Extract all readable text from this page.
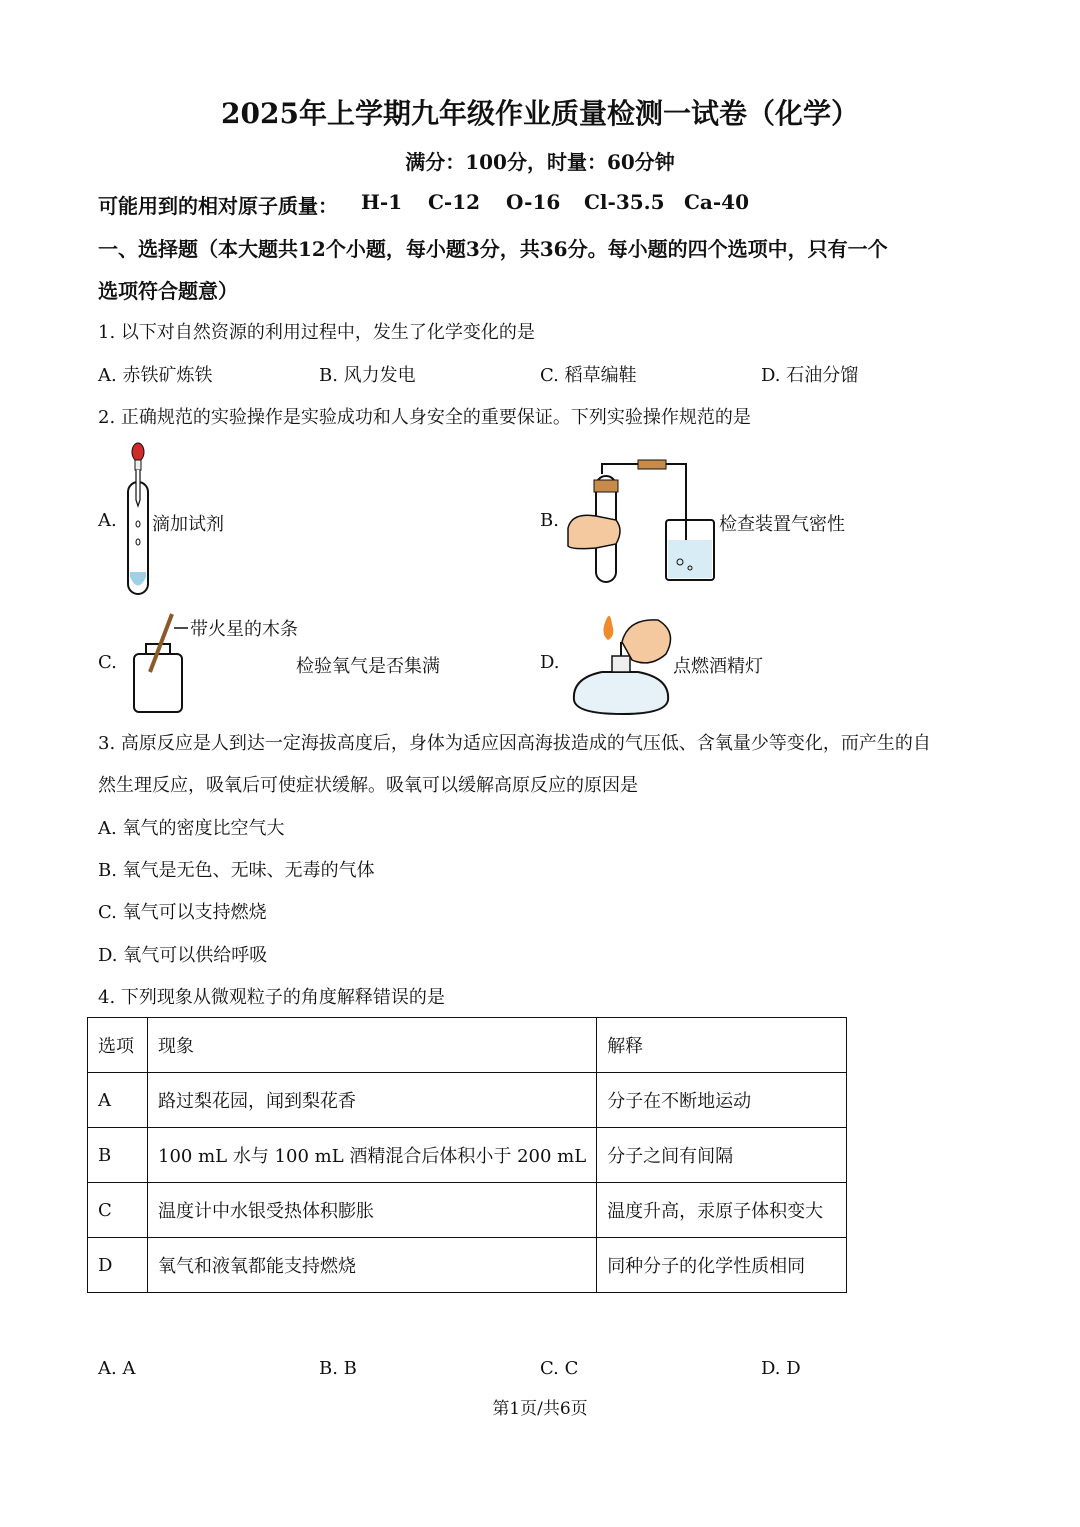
2025年上学期九年级作业质量检测一试卷（化学）
满分：100分，时量：60分钟
可能用到的相对原子质量： H-1 C-12 O-16 Cl-35.5 Ca-40
一、选择题（本大题共12个小题，每小题3分，共36分。每小题的四个选项中，只有一个
选项符合题意）
1. 以下对自然资源的利用过程中，发生了化学变化的是
A. 赤铁矿炼铁	B. 风力发电	C. 稻草编鞋	D. 石油分馏
2. 正确规范的实验操作是实验成功和人身安全的重要保证。下列实验操作规范的是
A. 滴加试剂	B.	检查装置气密性
C.
带火星的木条
检验氧气是否集满	D.	点燃酒精灯
3. 高原反应是人到达一定海拔高度后，身体为适应因高海拔造成的气压低、含氧量少等变化，而产生的自
然生理反应，吸氧后可使症状缓解。吸氧可以缓解高原反应的原因是
A. 氧气的密度比空气大
B. 氧气是无色、无味、无毒的气体
C. 氧气可以支持燃烧
D. 氧气可以供给呼吸
4. 下列现象从微观粒子的角度解释错误的是
选项	现象	解释
A	路过梨花园，闻到梨花香	分子在不断地运动
B	100 mL 水与 100 mL 酒精混合后体积小于 200 mL	分子之间有间隔
C	温度计中水银受热体积膨胀	温度升高，汞原子体积变大
D	氧气和液氧都能支持燃烧	同种分子的化学性质相同
A. A	B. B	C. C	D. D
第1页/共6页
